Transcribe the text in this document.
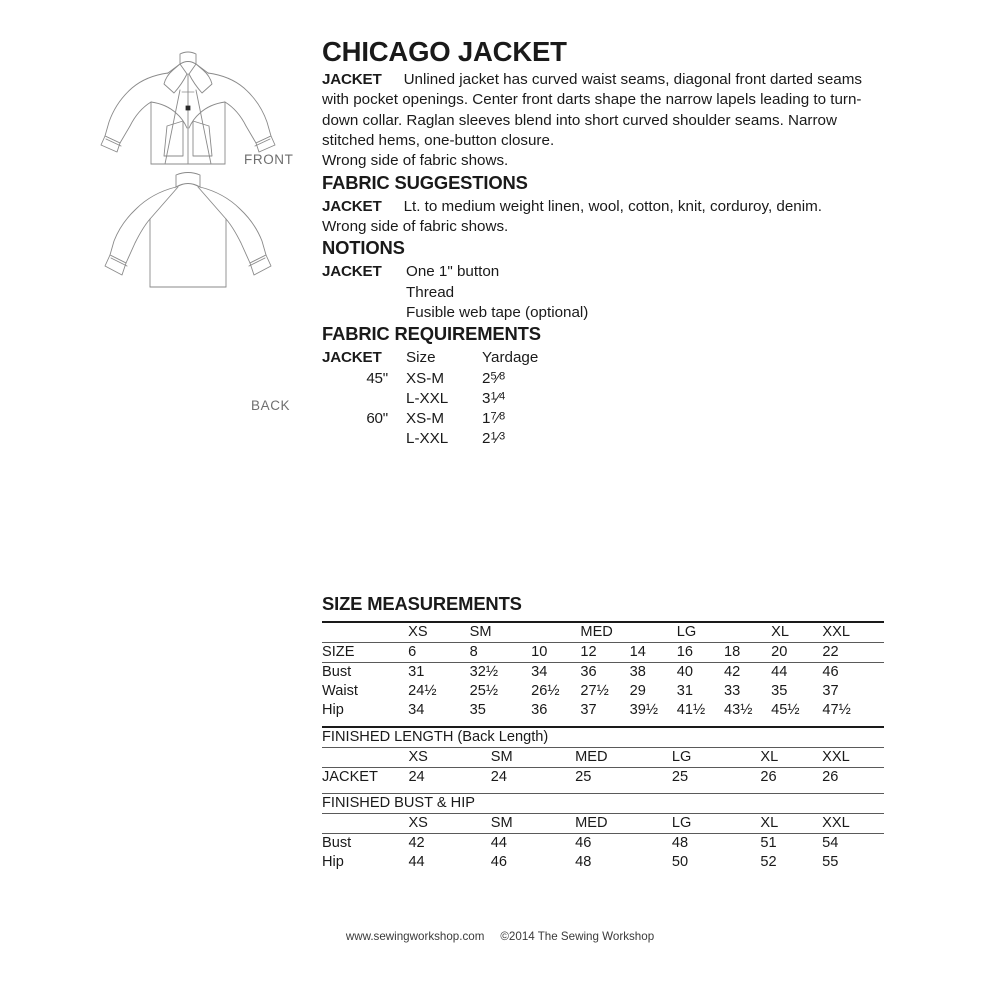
FRONT
BACK
CHICAGO JACKET

JACKET Unlined jacket has curved waist seams, diagonal front darted seams with pocket openings. Center front darts shape the narrow lapels leading to turn-down collar. Raglan sleeves blend into short curved shoulder seams. Narrow stitched hems, one-button closure.
Wrong side of fabric shows.

FABRIC SUGGESTIONS

JACKET Lt. to medium weight linen, wool, cotton, knit, corduroy, denim.
Wrong side of fabric shows.

NOTIONS
JACKET	One 1" button
Thread
Fusible web tape (optional)
FABRIC REQUIREMENTS
JACKET	Size	Yardage
45"	XS-M	$2^5⁄_8$
L-XXL	$3^1⁄_4$
60"	XS-M	$1^7⁄_8$
L-XXL	$2^1⁄_3$
SIZE MEASUREMENTS
	XS	SM		MED		LG		XL	XXL
SIZE	6	8	10	12	14	16	18	20	22
Bust	31	32½	34	36	38	40	42	44	46
Waist	24½	25½	26½	27½	29	31	33	35	37
Hip	34	35	36	37	39½	41½	43½	45½	47½
FINISHED LENGTH (Back Length)						
	XS	SM	MED	LG	XL	XXL
JACKET	24	24	25	25	26	26
FINISHED BUST & HIP						
	XS	SM	MED	LG	XL	XXL
Bust	42	44	46	48	51	54
Hip	44	46	48	50	52	55
www.sewingworkshop.com ©2014 The Sewing Workshop
